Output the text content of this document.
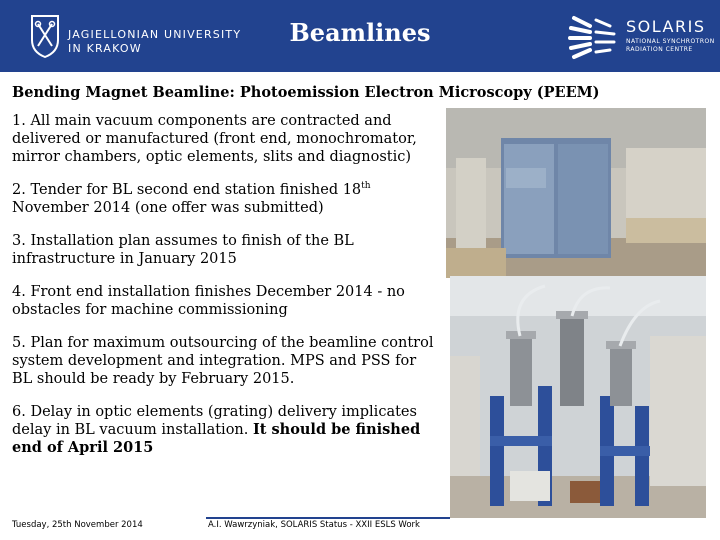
JAGIELLONIAN UNIVERSITY
IN KRAKOW
Beamlines	SOLARIS
NATIONAL SYNCHROTRON
RADIATION CENTRE
Bending Magnet Beamline: Photoemission Electron Microscopy (PEEM)

1. All main vacuum components are contracted and delivered or manufactured (front end, monochromator, mirror chambers, optic elements, slits and diagnostic)

2. Tender for BL second end station finished 18th November 2014 (one offer was submitted)

3. Installation plan assumes to finish of the BL infrastructure in January 2015

4. Front end installation finishes December 2014 - no obstacles for machine commissioning

5. Plan for maximum outsourcing of the beamline control system development and integration. MPS and PSS for BL should be ready by February 2015.

6. Delay in optic elements (grating) delivery implicates delay in BL vacuum installation. It should be finished end of April 2015

Tuesday, 25th November 2014	A.I. Wawrzyniak, SOLARIS Status - XXII ESLS Work
